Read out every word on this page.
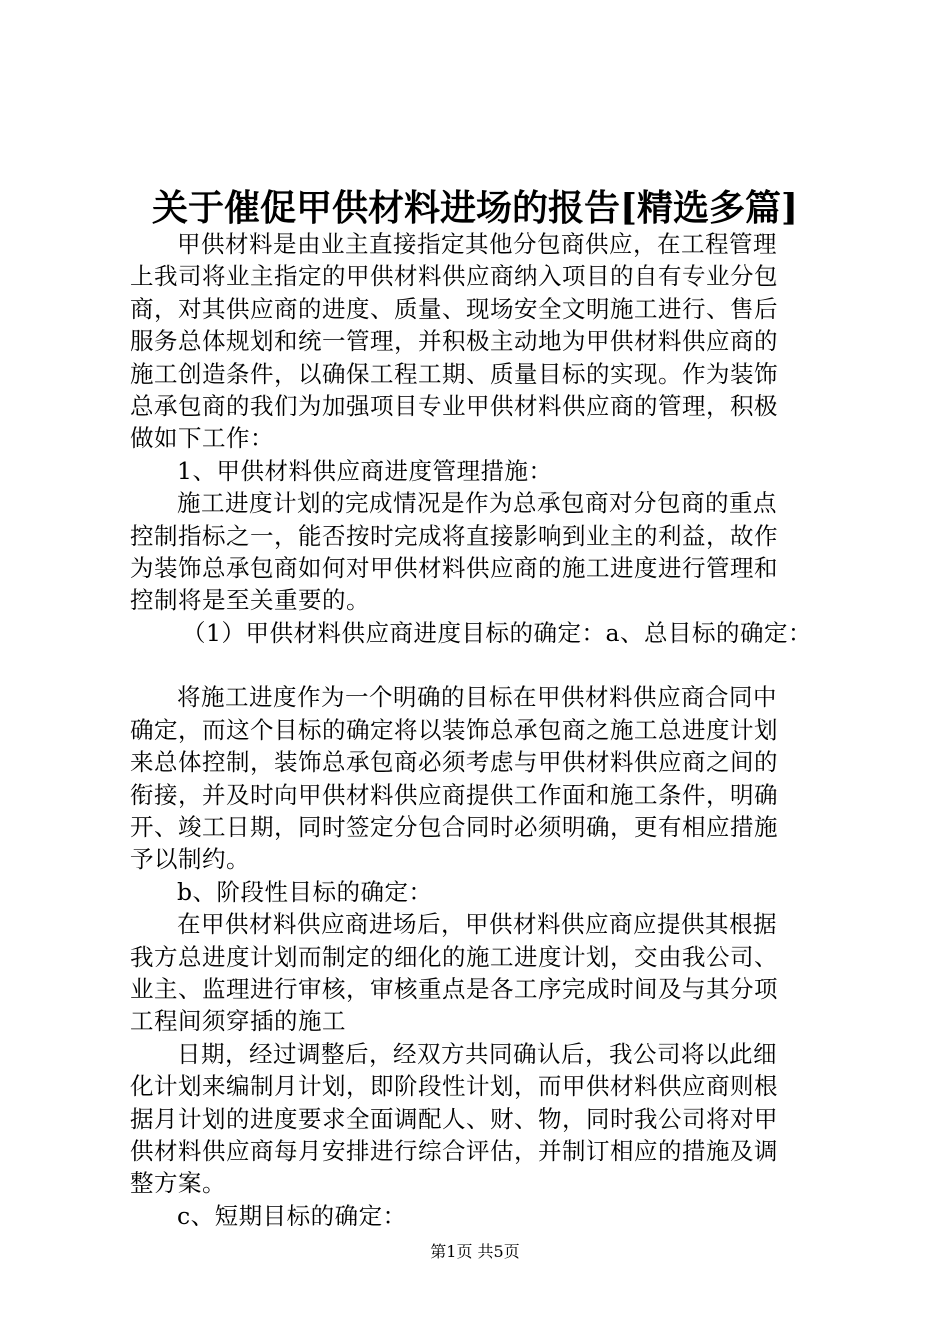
关于催促甲供材料进场的报告[精选多篇]
甲供材料是由业主直接指定其他分包商供应，在工程管理
上我司将业主指定的甲供材料供应商纳入项目的自有专业分包
商，对其供应商的进度、质量、现场安全文明施工进行、售后
服务总体规划和统一管理，并积极主动地为甲供材料供应商的
施工创造条件，以确保工程工期、质量目标的实现。作为装饰
总承包商的我们为加强项目专业甲供材料供应商的管理，积极
做如下工作：
1、甲供材料供应商进度管理措施：
施工进度计划的完成情况是作为总承包商对分包商的重点
控制指标之一，能否按时完成将直接影响到业主的利益，故作
为装饰总承包商如何对甲供材料供应商的施工进度进行管理和
控制将是至关重要的。
（1）甲供材料供应商进度目标的确定：a、总目标的确定：
将施工进度作为一个明确的目标在甲供材料供应商合同中
确定，而这个目标的确定将以装饰总承包商之施工总进度计划
来总体控制，装饰总承包商必须考虑与甲供材料供应商之间的
衔接，并及时向甲供材料供应商提供工作面和施工条件，明确
开、竣工日期，同时签定分包合同时必须明确，更有相应措施
予以制约。
b、阶段性目标的确定：
在甲供材料供应商进场后，甲供材料供应商应提供其根据
我方总进度计划而制定的细化的施工进度计划，交由我公司、
业主、监理进行审核，审核重点是各工序完成时间及与其分项
工程间须穿插的施工
日期，经过调整后，经双方共同确认后，我公司将以此细
化计划来编制月计划，即阶段性计划，而甲供材料供应商则根
据月计划的进度要求全面调配人、财、物，同时我公司将对甲
供材料供应商每月安排进行综合评估，并制订相应的措施及调
整方案。
c、短期目标的确定：
第1页 共5页
